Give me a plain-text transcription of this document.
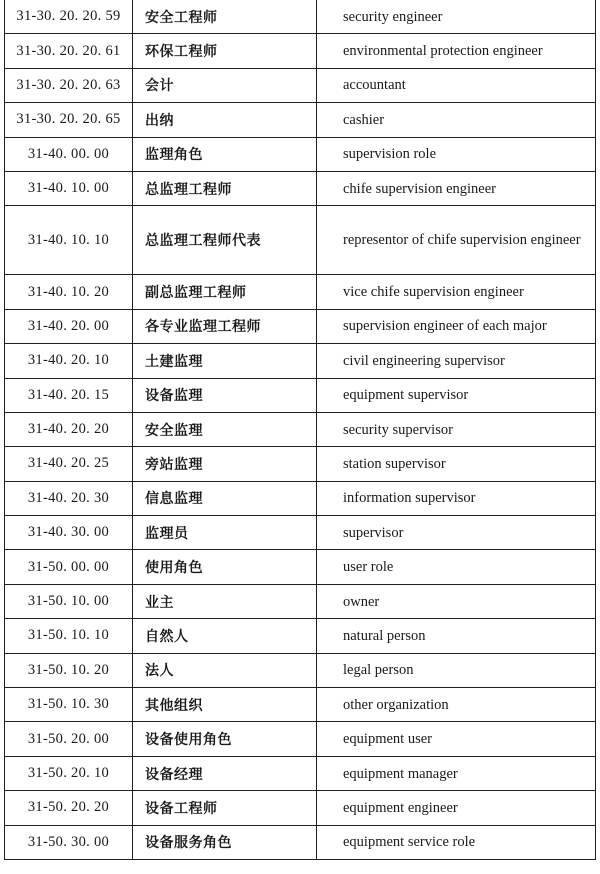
31-30. 20. 20. 59	安全工程师	security engineer
31-30. 20. 20. 61	环保工程师	environmental protection engineer
31-30. 20. 20. 63	会计	accountant
31-30. 20. 20. 65	出纳	cashier
31-40. 00. 00	监理角色	supervision role
31-40. 10. 00	总监理工程师	chife supervision engineer
31-40. 10. 10	总监理工程师代表	representor of chife supervision engineer
31-40. 10. 20	副总监理工程师	vice chife supervision engineer
31-40. 20. 00	各专业监理工程师	supervision engineer of each major
31-40. 20. 10	土建监理	civil engineering supervisor
31-40. 20. 15	设备监理	equipment supervisor
31-40. 20. 20	安全监理	security supervisor
31-40. 20. 25	旁站监理	station supervisor
31-40. 20. 30	信息监理	information supervisor
31-40. 30. 00	监理员	supervisor
31-50. 00. 00	使用角色	user role
31-50. 10. 00	业主	owner
31-50. 10. 10	自然人	natural person
31-50. 10. 20	法人	legal person
31-50. 10. 30	其他组织	other organization
31-50. 20. 00	设备使用角色	equipment user
31-50. 20. 10	设备经理	equipment manager
31-50. 20. 20	设备工程师	equipment engineer
31-50. 30. 00	设备服务角色	equipment service role
